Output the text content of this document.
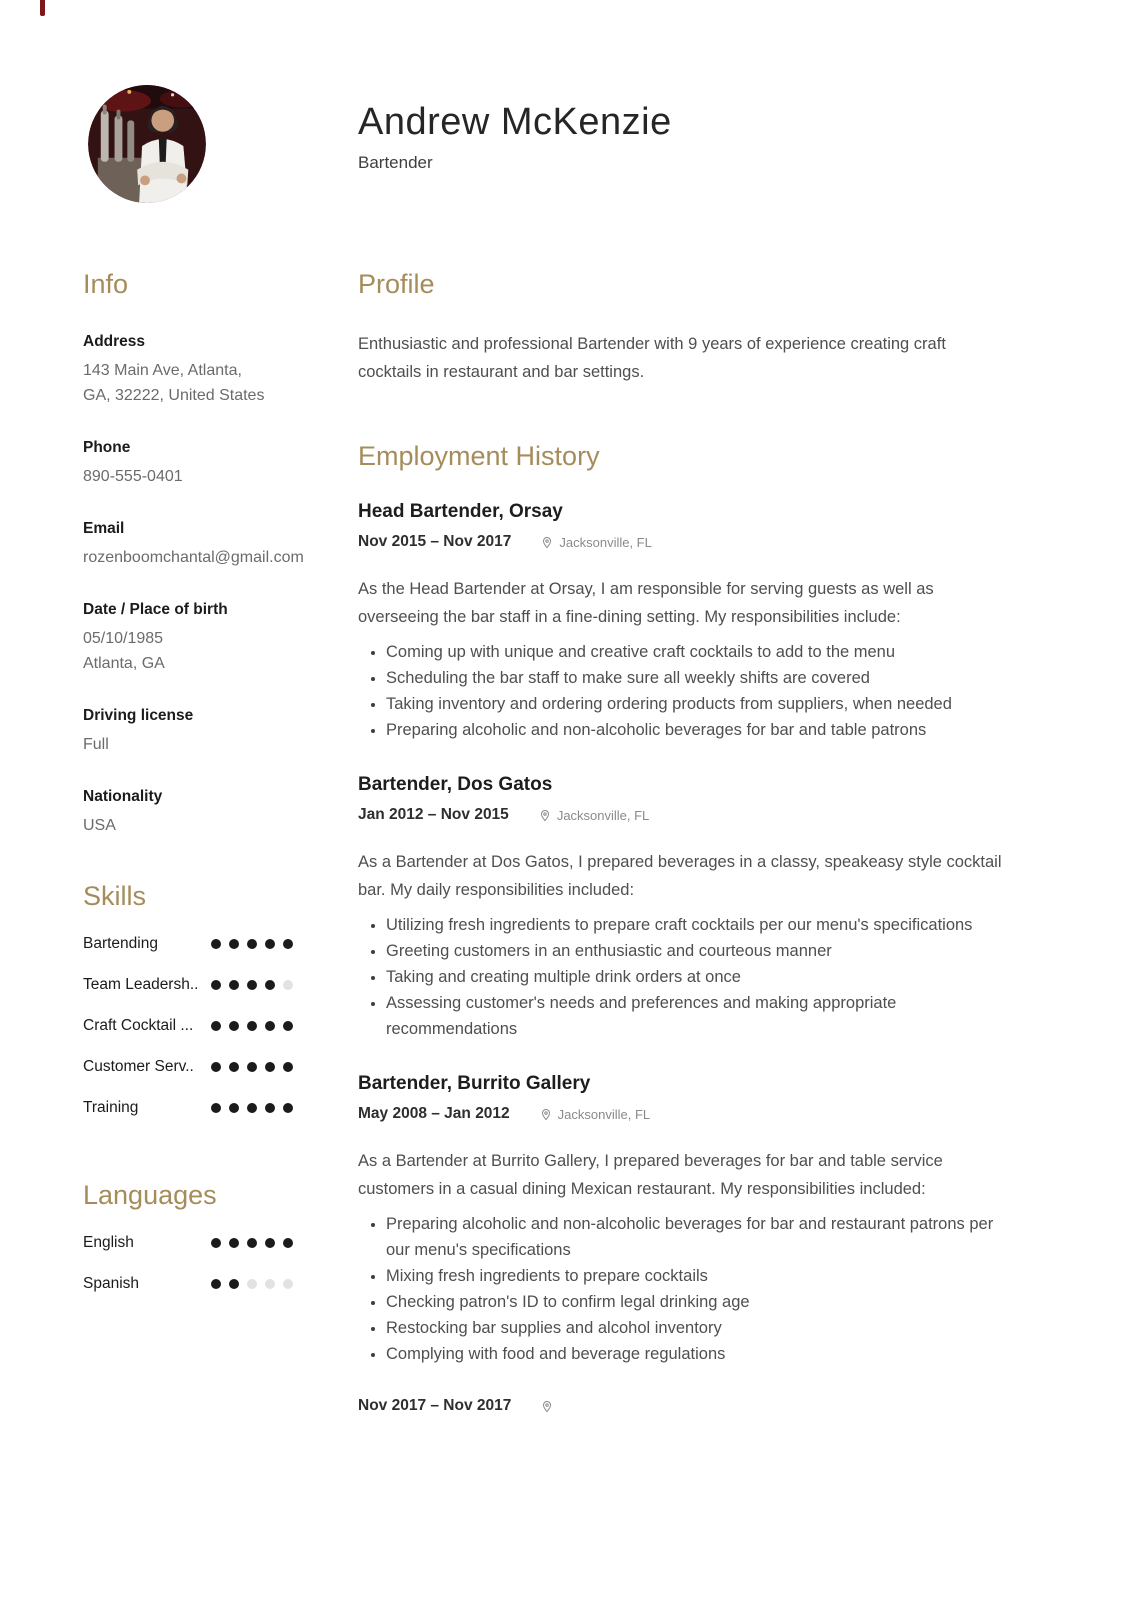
Andrew McKenzie
Bartender
Info
Address
143 Main Ave, Atlanta,
GA, 32222, United States
Phone
890-555-0401
Email
rozenboomchantal@gmail.com
Date / Place of birth
05/10/1985
Atlanta, GA
Driving license
Full
Nationality
USA
Skills
Bartending
Team Leadersh..
Craft Cocktail ...
Customer Serv..
Training
Languages
English
Spanish
Profile
Enthusiastic and professional Bartender with 9 years of experience creating craft cocktails in restaurant and bar settings.
Employment History
Head Bartender, Orsay
Nov 2015 – Nov 2017	Jacksonville, FL
As the Head Bartender at Orsay, I am responsible for serving guests as well as overseeing the bar staff in a fine-dining setting. My responsibilities include:
• Coming up with unique and creative craft cocktails to add to the menu
• Scheduling the bar staff to make sure all weekly shifts are covered
• Taking inventory and ordering ordering products from suppliers, when needed
• Preparing alcoholic and non-alcoholic beverages for bar and table patrons
Bartender, Dos Gatos
Jan 2012 – Nov 2015	Jacksonville, FL
As a Bartender at Dos Gatos, I prepared beverages in a classy, speakeasy style cocktail bar. My daily responsibilities included:
• Utilizing fresh ingredients to prepare craft cocktails per our menu's specifications
• Greeting customers in an enthusiastic and courteous manner
• Taking and creating multiple drink orders at once
• Assessing customer's needs and preferences and making appropriate recommendations
Bartender, Burrito Gallery
May 2008 – Jan 2012	Jacksonville, FL
As a Bartender at Burrito Gallery, I prepared beverages for bar and table service customers in a casual dining Mexican restaurant. My responsibilities included:
• Preparing alcoholic and non-alcoholic beverages for bar and restaurant patrons per our menu's specifications
• Mixing fresh ingredients to prepare cocktails
• Checking patron's ID to confirm legal drinking age
• Restocking bar supplies and alcohol inventory
• Complying with food and beverage regulations
Nov 2017 – Nov 2017
